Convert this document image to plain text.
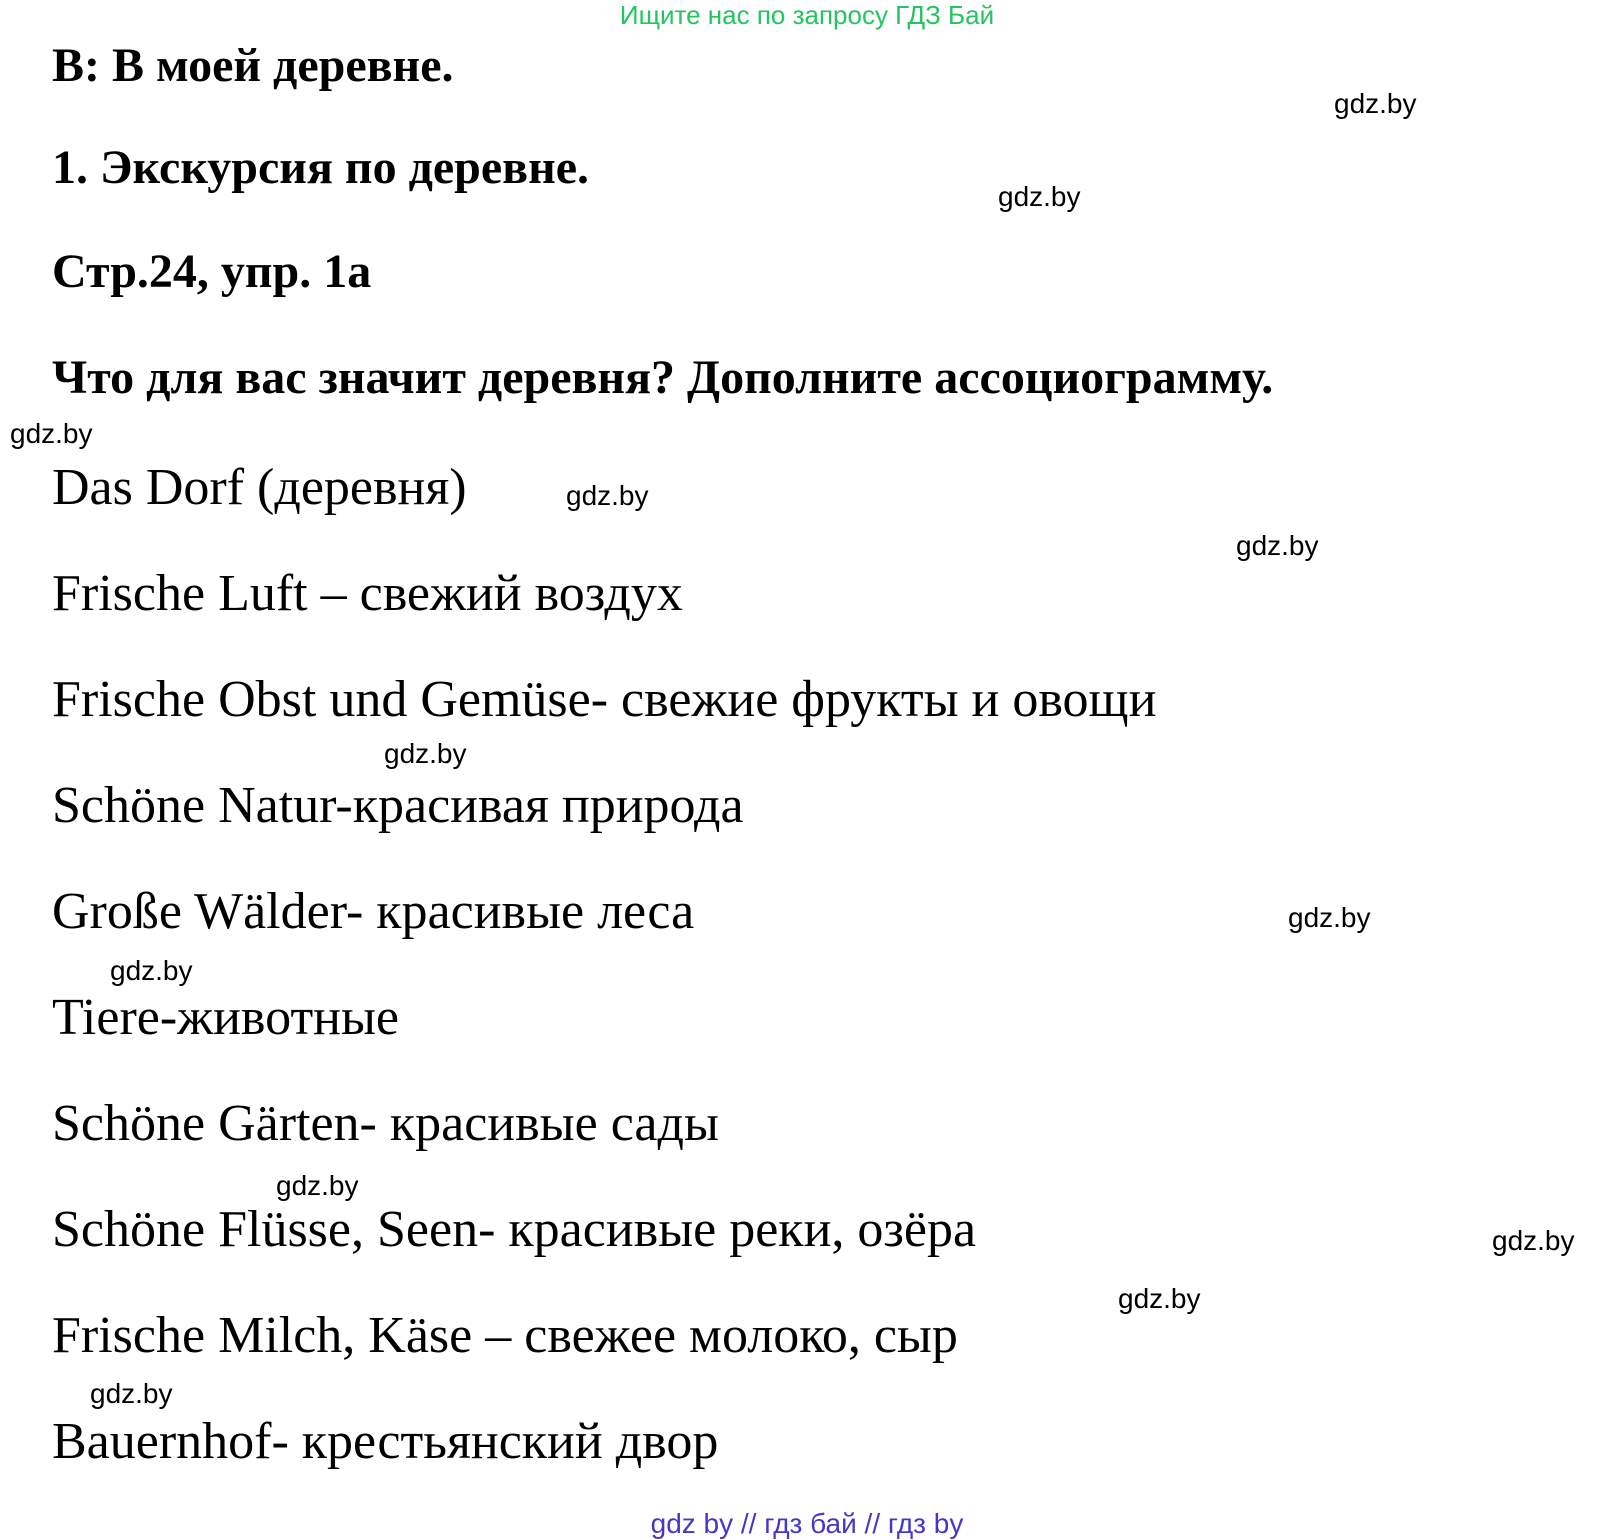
Ищите нас по запросу ГДЗ Бай
B: В моей деревне.
1. Экскурсия по деревне.
Стр.24, упр. 1а
Что для вас значит деревня? Дополните ассоциограмму.
Das Dorf (деревня)
Frische Luft – свежий воздух
Frische Obst und Gemüse- свежие фрукты и овощи
Schöne Natur-красивая природа
Große Wälder- красивые леса
Tiere-животные
Schöne Gärten- красивые сады
Schöne Flüsse, Seen- красивые реки, озёра
Frische Milch, Käse – свежее молоко, сыр
Bauernhof- крестьянский двор
gdz.by
gdz.by
gdz.by
gdz.by
gdz.by
gdz.by
gdz.by
gdz.by
gdz.by
gdz.by
gdz.by
gdz.by
gdz by // гдз бай // гдз by
